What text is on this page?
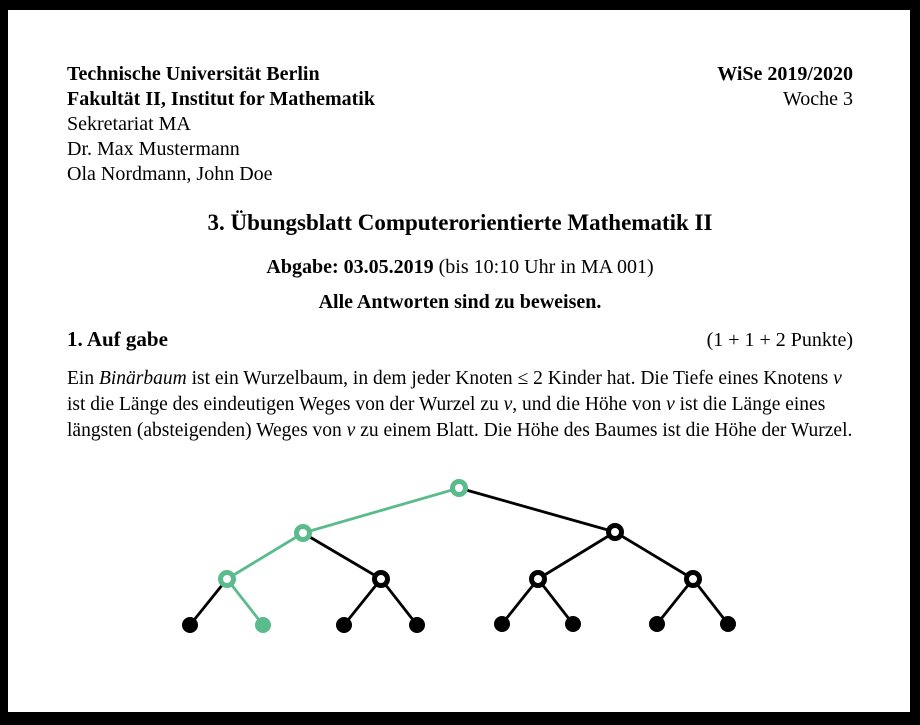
Technische Universität Berlin
Fakultät II, Institut for Mathematik
Sekretariat MA
Dr. Max Mustermann
Ola Nordmann, John Doe
WiSe 2019/2020
Woche 3
3. Übungsblatt Computerorientierte Mathematik II
Abgabe: 03.05.2019 (bis 10:10 Uhr in MA 001)
Alle Antworten sind zu beweisen.
1. Auf gabe	(1 + 1 + 2 Punkte)
Ein Binärbaum ist ein Wurzelbaum, in dem jeder Knoten ≤ 2 Kinder hat. Die Tiefe eines Knotens v ist die Länge des eindeutigen Weges von der Wurzel zu v, und die Höhe von v ist die Länge eines längsten (absteigenden) Weges von v zu einem Blatt. Die Höhe des Baumes ist die Höhe der Wurzel.
